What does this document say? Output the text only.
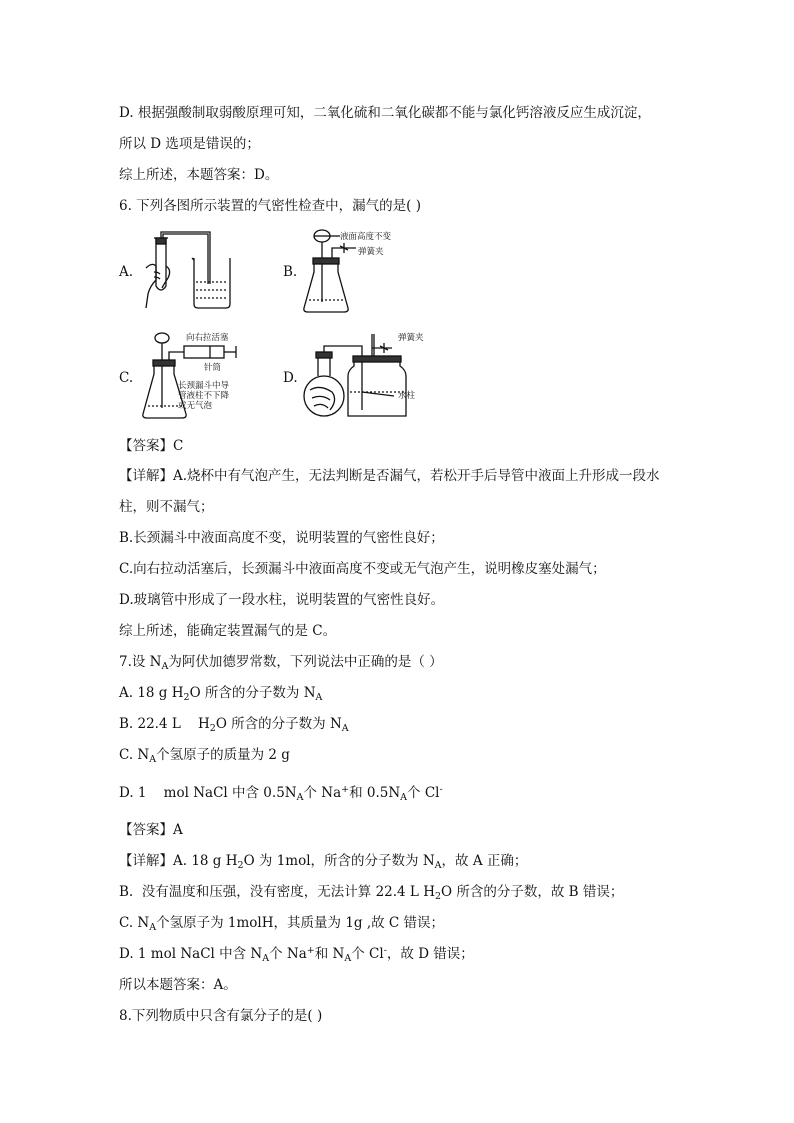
D. 根据强酸制取弱酸原理可知，二氧化硫和二氧化碳都不能与氯化钙溶液反应生成沉淀，
所以 D 选项是错误的；
综上所述，本题答案：D。
6. 下列各图所示装置的气密性检查中，漏气的是( )
A.	B.
C.	D.
液面高度不变
弹簧夹
向右拉活塞
针筒
长颈漏斗中导
管液柱不下降
或无气泡
弹簧夹
水柱
【答案】C
【详解】A.烧杯中有气泡产生，无法判断是否漏气，若松开手后导管中液面上升形成一段水
柱，则不漏气；
B.长颈漏斗中液面高度不变，说明装置的气密性良好；
C.向右拉动活塞后，长颈漏斗中液面高度不变或无气泡产生，说明橡皮塞处漏气；
D.玻璃管中形成了一段水柱，说明装置的气密性良好。
综上所述，能确定装置漏气的是 C。
7.设 $N_A$为阿伏加德罗常数，下列说法中正确的是（ ）
A. 18 g $H_2O$ 所含的分子数为 $N_A$
B. 22.4 L    $H_2O$ 所含的分子数为 $N_A$
C. $N_A$个氢原子的质量为 2 g
D. 1    mol NaCl 中含 $0.5N_A$个 Na+和 $0.5N_A$个 Cl-
【答案】A
【详解】A. 18 g $H_2O$ 为 1mol，所含的分子数为 $N_A$，故 A 正确；
B.  没有温度和压强，没有密度，无法计算 22.4 L $H_2O$ 所含的分子数，故 B 错误；
C. $N_A$个氢原子为 1molH，其质量为 1g ,故 C 错误；
D. 1 mol NaCl 中含 $N_A$个 Na+和 $N_A$个 Cl-，故 D 错误；
所以本题答案：A。
8.下列物质中只含有氯分子的是( )
